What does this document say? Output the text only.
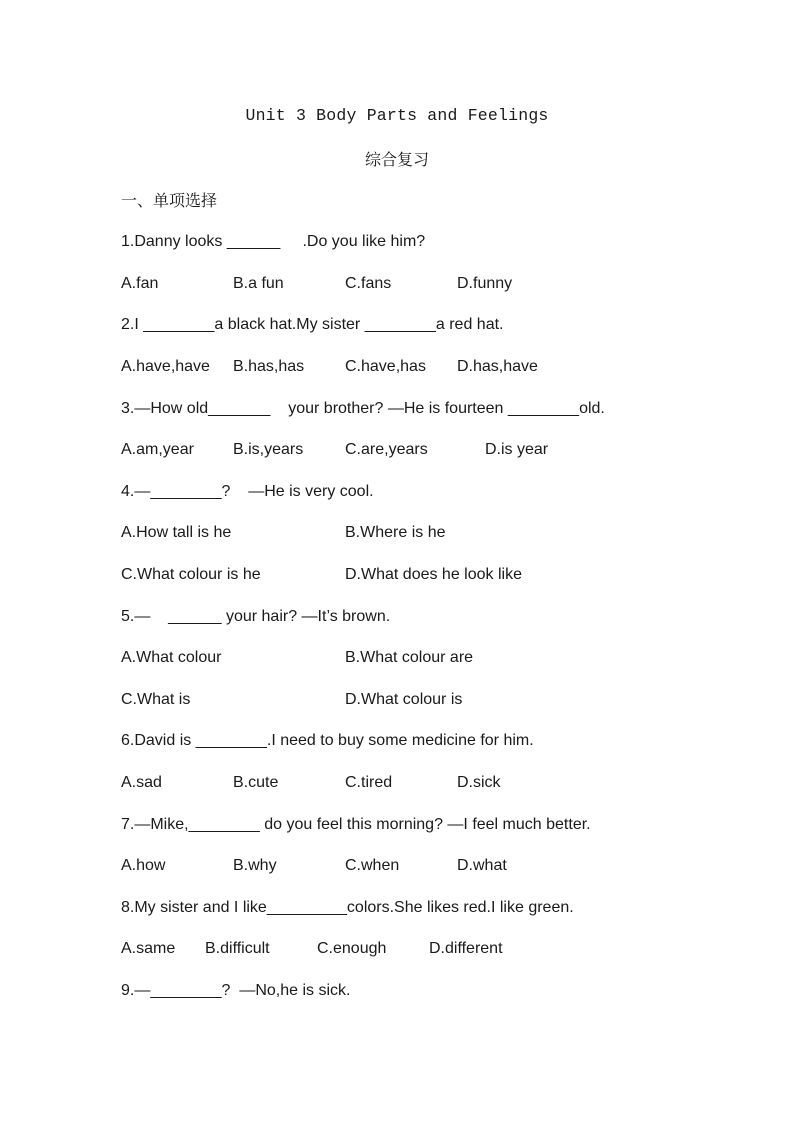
Unit 3 Body Parts and Feelings
综合复习
一、单项选择
1.Danny looks ______     .Do you like him?
A.fan	B.a fun	C.fans	D.funny
2.I ________a black hat.My sister ________a red hat.
A.have,have B.has,has	C.have,has D.has,have
3.—How old_______    your brother? —He is fourteen ________old.
A.am,year B.is,years	C.are,years	D.is year
4.—________?    —He is very cool.
A.How tall is he	B.Where is he
C.What colour is he	D.What does he look like
5.—    ______ your hair? —It’s brown.
A.What colour	B.What colour are
C.What is	D.What colour is
6.David is ________.I need to buy some medicine for him.
A.sad	B.cute	C.tired	D.sick
7.—Mike,________ do you feel this morning? —I feel much better.
A.how	B.why	C.when	D.what
8.My sister and I like_________colors.She likes red.I like green.
A.same B.difficult	C.enough	D.different
9.—________?  —No,he is sick.
